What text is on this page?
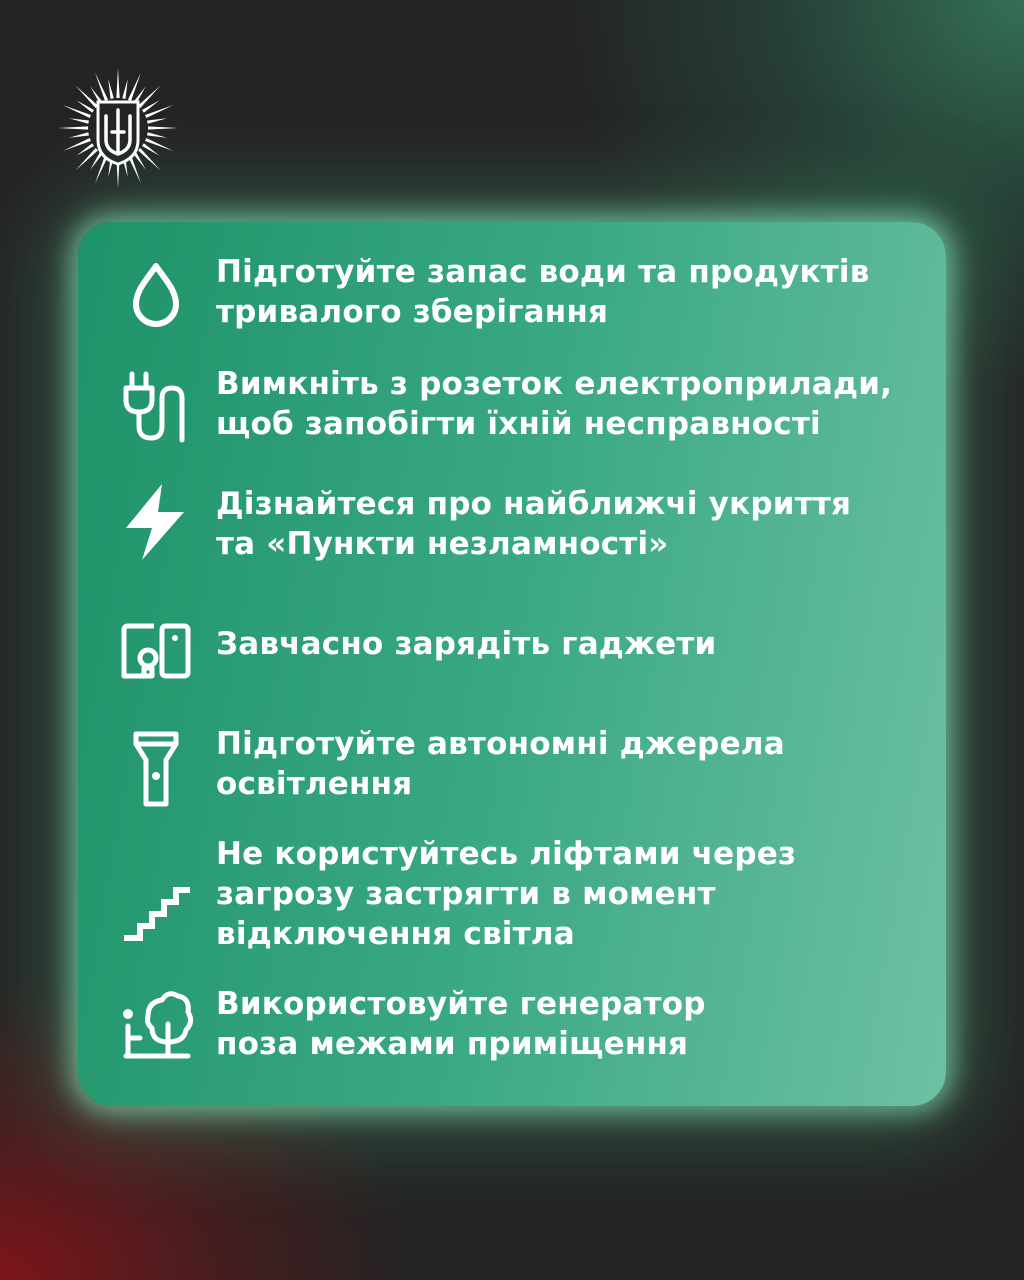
Підготуйте запас води та продуктів
тривалого зберігання
Вимкніть з розеток електроприлади,
щоб запобігти їхній несправності
Дізнайтеся про найближчі укриття
та «Пункти незламності»
Завчасно зарядіть гаджети
Підготуйте автономні джерела
освітлення
Не користуйтесь ліфтами через
загрозу застрягти в момент
відключення світла
Використовуйте генератор
поза межами приміщення
